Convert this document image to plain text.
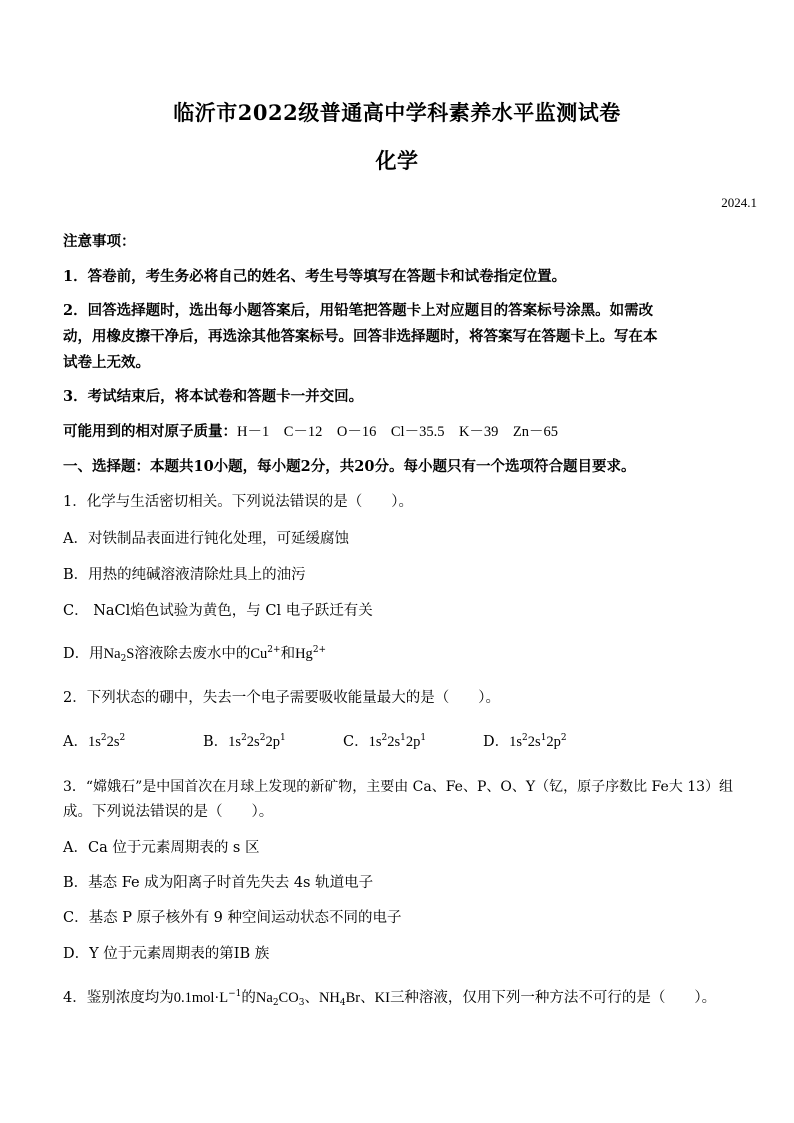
临沂市2022级普通高中学科素养水平监测试卷
化学
2024.1
注意事项：
1．答卷前，考生务必将自己的姓名、考生号等填写在答题卡和试卷指定位置。
2．回答选择题时，选出每小题答案后，用铅笔把答题卡上对应题目的答案标号涂黑。如需改
动，用橡皮擦干净后，再选涂其他答案标号。回答非选择题时，将答案写在答题卡上。写在本
试卷上无效。
3．考试结束后，将本试卷和答题卡一并交回。
可能用到的相对原子质量：H－1　C－12　O－16　Cl－35.5　K－39　Zn－65
一、选择题：本题共10小题，每小题2分，共20分。每小题只有一个选项符合题目要求。
1．化学与生活密切相关。下列说法错误的是（　　）。
A．对铁制品表面进行钝化处理，可延缓腐蚀
B．用热的纯碱溶液清除灶具上的油污
C． NaCl焰色试验为黄色，与 Cl 电子跃迁有关
D．用$Na_2S$溶液除去废水中的$Cu^{2+}$和$Hg^{2+}$
2．下列状态的硼中，失去一个电子需要吸收能量最大的是（　　）。
A．$1s^22s^2$	B．$1s^22s^22p^1$	C．$1s^22s^12p^1$	D．$1s^22s^12p^2$
3．“嫦娥石”是中国首次在月球上发现的新矿物，主要由 Ca、Fe、P、O、Y（钇，原子序数比 Fe大 13）组
成。下列说法错误的是（　　）。
A．Ca 位于元素周期表的 s 区
B．基态 Fe 成为阳离子时首先失去 4s 轨道电子
C．基态 P 原子核外有 9 种空间运动状态不同的电子
D．Y 位于元素周期表的第ⅠB 族
4．鉴别浓度均为$0.1mol\cdot L^{-1}$的$Na_2CO_3$、$NH_4Br$、KI三种溶液，仅用下列一种方法不可行的是（　　）。
